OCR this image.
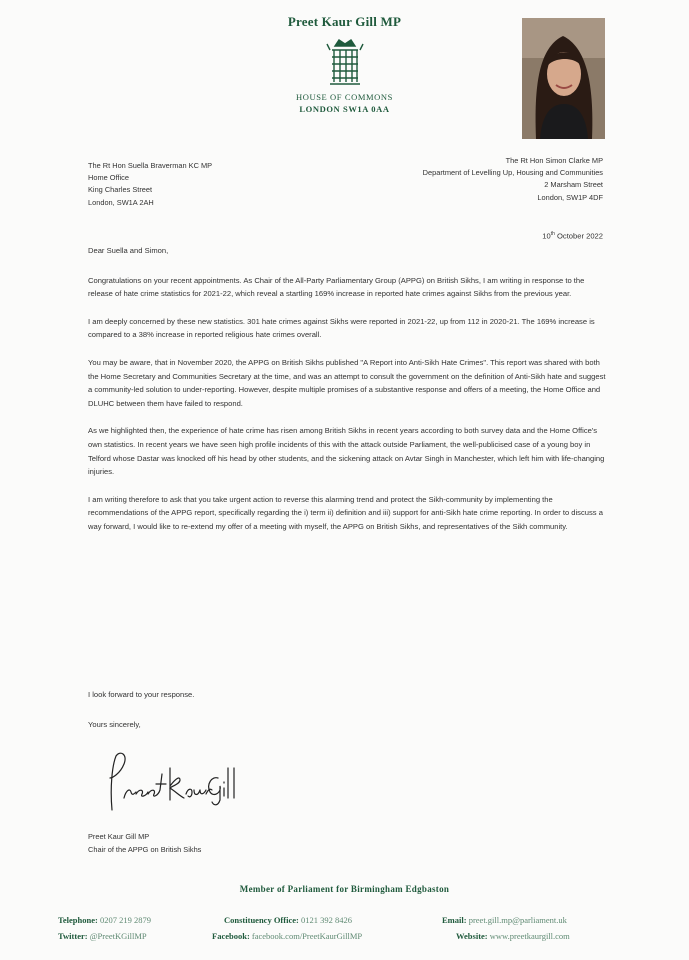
Preet Kaur Gill MP
HOUSE OF COMMONS
LONDON SW1A 0AA
The Rt Hon Suella Braverman KC MP
Home Office
King Charles Street
London, SW1A 2AH
The Rt Hon Simon Clarke MP
Department of Levelling Up, Housing and Communities
2 Marsham Street
London, SW1P 4DF
10th October 2022

Dear Suella and Simon,

Congratulations on your recent appointments. As Chair of the All-Party Parliamentary Group (APPG) on British Sikhs, I am writing in response to the release of hate crime statistics for 2021-22, which reveal a startling 169% increase in reported hate crimes against Sikhs from the previous year.

I am deeply concerned by these new statistics. 301 hate crimes against Sikhs were reported in 2021-22, up from 112 in 2020-21. The 169% increase is compared to a 38% increase in reported religious hate crimes overall.

You may be aware, that in November 2020, the APPG on British Sikhs published "A Report into Anti-Sikh Hate Crimes". This report was shared with both the Home Secretary and Communities Secretary at the time, and was an attempt to consult the government on the definition of Anti-Sikh hate and suggest a community-led solution to under-reporting. However, despite multiple promises of a substantive response and offers of a meeting, the Home Office and DLUHC between them have failed to respond.

As we highlighted then, the experience of hate crime has risen among British Sikhs in recent years according to both survey data and the Home Office's own statistics. In recent years we have seen high profile incidents of this with the attack outside Parliament, the well-publicised case of a young boy in Telford whose Dastar was knocked off his head by other students, and the sickening attack on Avtar Singh in Manchester, which left him with life-changing injuries.

I am writing therefore to ask that you take urgent action to reverse this alarming trend and protect the Sikh-community by implementing the recommendations of the APPG report, specifically regarding the i) term ii) definition and iii) support for anti-Sikh hate crime reporting. In order to discuss a way forward, I would like to re-extend my offer of a meeting with myself, the APPG on British Sikhs, and representatives of the Sikh community.

I look forward to your response.
Yours sincerely,
Preet Kaur Gill MP
Chair of the APPG on British Sikhs
Member of Parliament for Birmingham Edgbaston
Telephone: 0207 219 2879	Constituency Office: 0121 392 8426	Email: preet.gill.mp@parliament.uk
Twitter: @PreetKGillMP	Facebook: facebook.com/PreetKaurGillMP	Website: www.preetkaurgill.com
